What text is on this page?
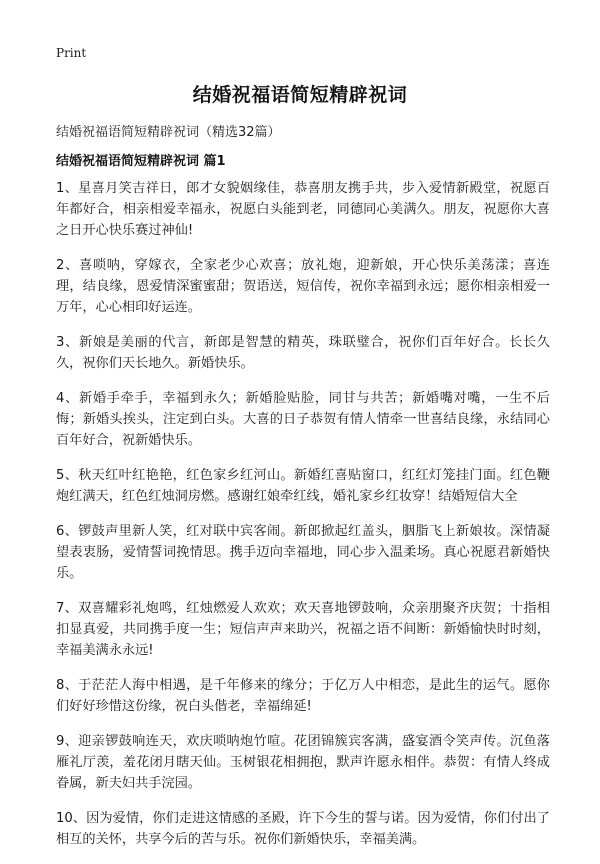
Print
结婚祝福语简短精辟祝词
结婚祝福语简短精辟祝词（精选32篇）
结婚祝福语简短精辟祝词 篇1

1、星喜月笑吉祥日，郎才女貌姻缘佳，恭喜朋友携手共，步入爱情新殿堂，祝愿百年都好合，相亲相爱幸福永，祝愿白头能到老，同德同心美满久。朋友，祝愿你大喜之日开心快乐赛过神仙!

2、喜唢呐，穿嫁衣，全家老少心欢喜；放礼炮，迎新娘，开心快乐美荡漾；喜连理，结良缘，恩爱情深蜜蜜甜；贺语送，短信传，祝你幸福到永远；愿你相亲相爱一万年，心心相印好运连。

3、新娘是美丽的代言，新郎是智慧的精英，珠联璧合，祝你们百年好合。长长久久，祝你们天长地久。新婚快乐。

4、新婚手牵手，幸福到永久；新婚脸贴脸，同甘与共苦；新婚嘴对嘴，一生不后悔；新婚头挨头，注定到白头。大喜的日子恭贺有情人情牵一世喜结良缘，永结同心百年好合，祝新婚快乐。

5、秋天红叶红艳艳，红色家乡红河山。新婚红喜贴窗口，红红灯笼挂门面。红色鞭炮红满天，红色红烛洞房燃。感谢红娘牵红线，婚礼家乡红妆穿！结婚短信大全

6、锣鼓声里新人笑，红对联中宾客闹。新郎掀起红盖头，胭脂飞上新娘妆。深情凝望表衷肠，爱情誓词挽情思。携手迈向幸福地，同心步入温柔场。真心祝愿君新婚快乐。

7、双喜耀彩礼炮鸣，红烛燃爱人欢欢；欢天喜地锣鼓响，众亲朋聚齐庆贺；十指相扣显真爱，共同携手度一生；短信声声来助兴，祝福之语不间断：新婚愉快时时刻，幸福美满永永远!

8、于茫茫人海中相遇，是千年修来的缘分；于亿万人中相恋，是此生的运气。愿你们好好珍惜这份缘，祝白头偕老，幸福绵延!

9、迎亲锣鼓响连天，欢庆唢呐炮竹喧。花团锦簇宾客满，盛宴酒令笑声传。沉鱼落雁礼厅羡，羞花闭月瞎天仙。玉树银花相拥抱，默声许愿永相伴。恭贺：有情人终成眷属，新夫妇共手浣园。

10、因为爱情，你们走进这情感的圣殿，许下今生的誓与诺。因为爱情，你们付出了相互的关怀，共享今后的苦与乐。祝你们新婚快乐，幸福美满。
